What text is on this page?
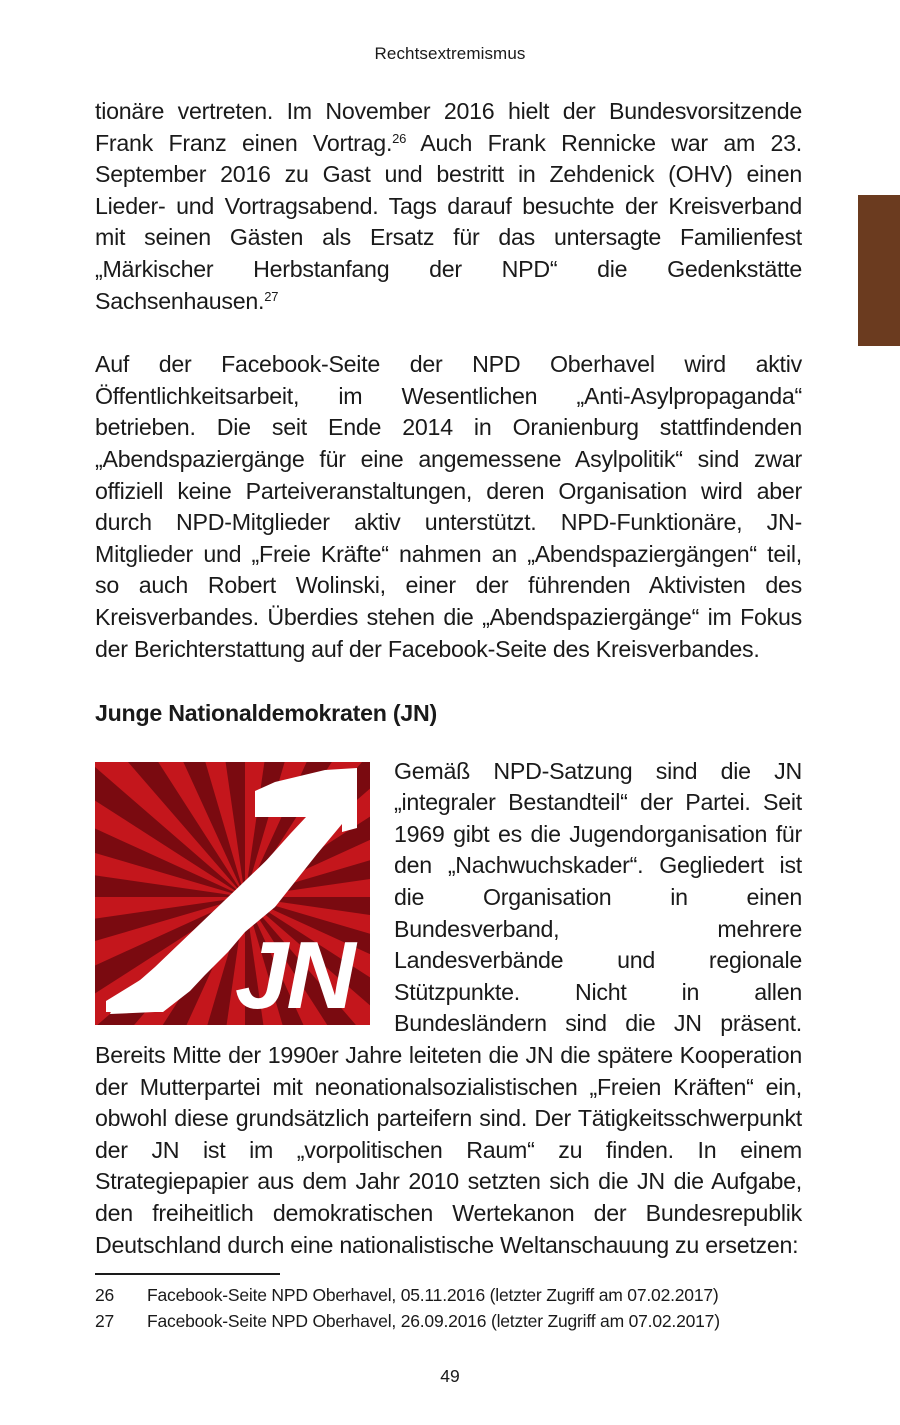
Rechtsextremismus

tionäre vertreten. Im November 2016 hielt der Bundesvorsitzende Frank Franz einen Vortrag.$^{26}$ Auch Frank Rennicke war am 23. September 2016 zu Gast und bestritt in Zehdenick (OHV) einen Lieder- und Vortragsabend. Tags darauf besuchte der Kreisverband mit seinen Gästen als Ersatz für das untersagte Familienfest „Märkischer Herbstanfang der NPD“ die Gedenkstätte Sachsenhausen.$^{27}$

Auf der Facebook-Seite der NPD Oberhavel wird aktiv Öffentlichkeitsarbeit, im Wesentlichen „Anti-Asylpropaganda“ betrieben. Die seit Ende 2014 in Oranienburg stattfindenden „Abendspaziergänge für eine angemessene Asylpolitik“ sind zwar offiziell keine Parteiveranstaltungen, deren Organisation wird aber durch NPD-Mitglieder aktiv unterstützt. NPD-Funktionäre, JN-Mitglieder und „Freie Kräfte“ nahmen an „Abendspaziergängen“ teil, so auch Robert Wolinski, einer der führenden Aktivisten des Kreisverbandes. Überdies stehen die „Abendspaziergänge“ im Fokus der Berichterstattung auf der Facebook-Seite des Kreisverbandes.

Junge Nationaldemokraten (JN)
JN

Gemäß NPD-Satzung sind die JN „integraler Bestandteil“ der Partei. Seit 1969 gibt es die Jugendorganisation für den „Nachwuchskader“. Gegliedert ist die Organisation in einen Bundesverband, mehrere Landesverbände und regionale Stützpunkte. Nicht in allen Bundesländern sind die JN präsent. Bereits Mitte der 1990er Jahre leiteten die JN die spätere Kooperation der Mutterpartei mit neonationalsozialistischen „Freien Kräften“ ein, obwohl diese grundsätzlich parteifern sind. Der Tätigkeitsschwerpunkt der JN ist im „vorpolitischen Raum“ zu finden. In einem Strategiepapier aus dem Jahr 2010 setzten sich die JN die Aufgabe, den freiheitlich demokratischen Wertekanon der Bundesrepublik Deutschland durch eine nationalistische Weltanschauung zu ersetzen:

26	Facebook-Seite NPD Oberhavel, 05.11.2016 (letzter Zugriff am 07.02.2017)
27	Facebook-Seite NPD Oberhavel, 26.09.2016 (letzter Zugriff am 07.02.2017)
49
